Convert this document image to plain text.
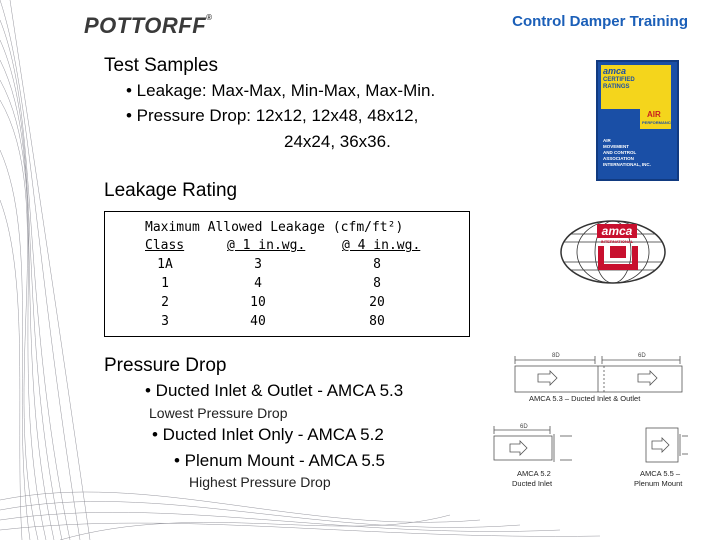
POTTORFF®	Control Damper Training
Test Samples
• Leakage: Max-Max, Min-Max, Max-Min.
• Pressure Drop: 12x12, 12x48, 48x12,
24x24, 36x36.
amca
CERTIFIED
RATINGS
AIR
PERFORMANCE
AIR
MOVEMENT
AND CONTROL
ASSOCIATION
INTERNATIONAL, INC.
Leakage Rating
Maximum Allowed Leakage (cfm/ft²)
Class	@ 1 in.wg.	@ 4 in.wg.
1A	3	8
1	4	8
2	10	20
3	40	80
amca
INTERNATIONAL
Pressure Drop
• Ducted Inlet & Outlet - AMCA 5.3
Lowest Pressure Drop
• Ducted Inlet Only - AMCA 5.2
• Plenum Mount - AMCA 5.5
Highest Pressure Drop
8D	6D
AMCA 5.3 – Ducted Inlet & Outlet
6D
AMCA 5.2
Ducted Inlet
AMCA 5.5 –
Plenum Mount
